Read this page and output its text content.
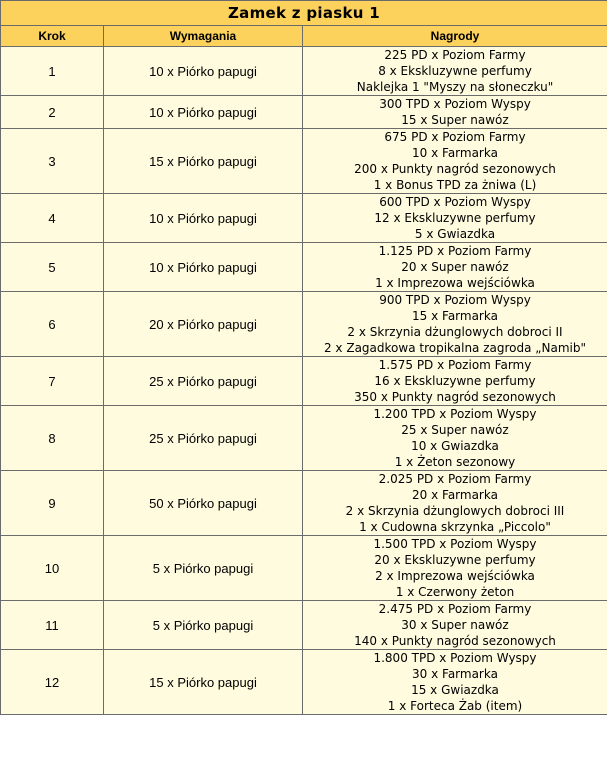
Zamek z piasku 1		
Krok	Wymagania	Nagrody
1	10 x Piórko papugi	225 PD x Poziom Farmy
8 x Ekskluzywne perfumy
Naklejka 1 "Myszy na słoneczku"

2	10 x Piórko papugi	300 TPD x Poziom Wyspy
15 x Super nawóz

3	15 x Piórko papugi	675 PD x Poziom Farmy
10 x Farmarka
200 x Punkty nagród sezonowych
1 x Bonus TPD za żniwa (L)

4	10 x Piórko papugi	600 TPD x Poziom Wyspy
12 x Ekskluzywne perfumy
5 x Gwiazdka

5	10 x Piórko papugi	1.125 PD x Poziom Farmy
20 x Super nawóz
1 x Imprezowa wejściówka

6	20 x Piórko papugi	900 TPD x Poziom Wyspy
15 x Farmarka
2 x Skrzynia dżunglowych dobroci II
2 x Zagadkowa tropikalna zagroda „Namib"

7	25 x Piórko papugi	1.575 PD x Poziom Farmy
16 x Ekskluzywne perfumy
350 x Punkty nagród sezonowych

8	25 x Piórko papugi	1.200 TPD x Poziom Wyspy
25 x Super nawóz
10 x Gwiazdka
1 x Żeton sezonowy

9	50 x Piórko papugi	2.025 PD x Poziom Farmy
20 x Farmarka
2 x Skrzynia dżunglowych dobroci III
1 x Cudowna skrzynka „Piccolo"

10	5 x Piórko papugi	1.500 TPD x Poziom Wyspy
20 x Ekskluzywne perfumy
2 x Imprezowa wejściówka
1 x Czerwony żeton

11	5 x Piórko papugi	2.475 PD x Poziom Farmy
30 x Super nawóz
140 x Punkty nagród sezonowych

12	15 x Piórko papugi	1.800 TPD x Poziom Wyspy
30 x Farmarka
15 x Gwiazdka
1 x Forteca Żab (item)
